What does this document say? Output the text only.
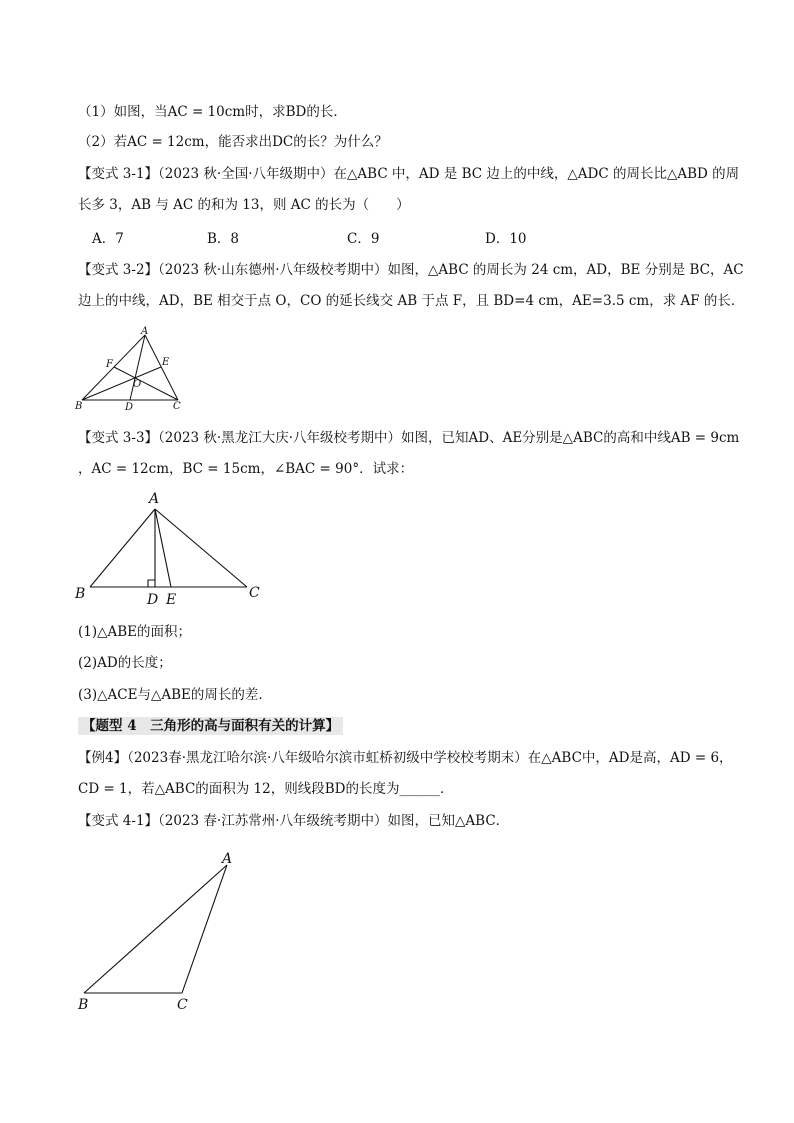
（1）如图，当AC = 10cm时，求BD的长．
（2）若AC = 12cm，能否求出DC的长？为什么？
【变式 3-1】（2023 秋·全国·八年级期中）在△ABC 中，AD 是 BC 边上的中线，△ADC 的周长比△ABD 的周
长多 3，AB 与 AC 的和为 13，则 AC 的长为（　　）
A．7	B．8	C．9	D．10
【变式 3-2】（2023 秋·山东德州·八年级校考期中）如图，△ABC 的周长为 24 cm，AD，BE 分别是 BC，AC
边上的中线，AD，BE 相交于点 O，CO 的延长线交 AB 于点 F，且 BD=4 cm，AE=3.5 cm，求 AF 的长．
A
B	C
D
E
F
O
【变式 3-3】（2023 秋·黑龙江大庆·八年级校考期中）如图，已知AD、AE分别是△ABC的高和中线AB = 9cm
，AC = 12cm，BC = 15cm，∠BAC = 90°．试求：
A
B	C
D E
(1)△ABE的面积；
(2)AD的长度；
(3)△ACE与△ABE的周长的差．
【题型 4　三角形的高与面积有关的计算】
【例4】（2023春·黑龙江哈尔滨·八年级哈尔滨市虹桥初级中学校校考期末）在△ABC中，AD是高，AD = 6，
CD = 1，若△ABC的面积为 12，则线段BD的长度为______．
【变式 4-1】（2023 春·江苏常州·八年级统考期中）如图，已知△ABC．
A
B	C
